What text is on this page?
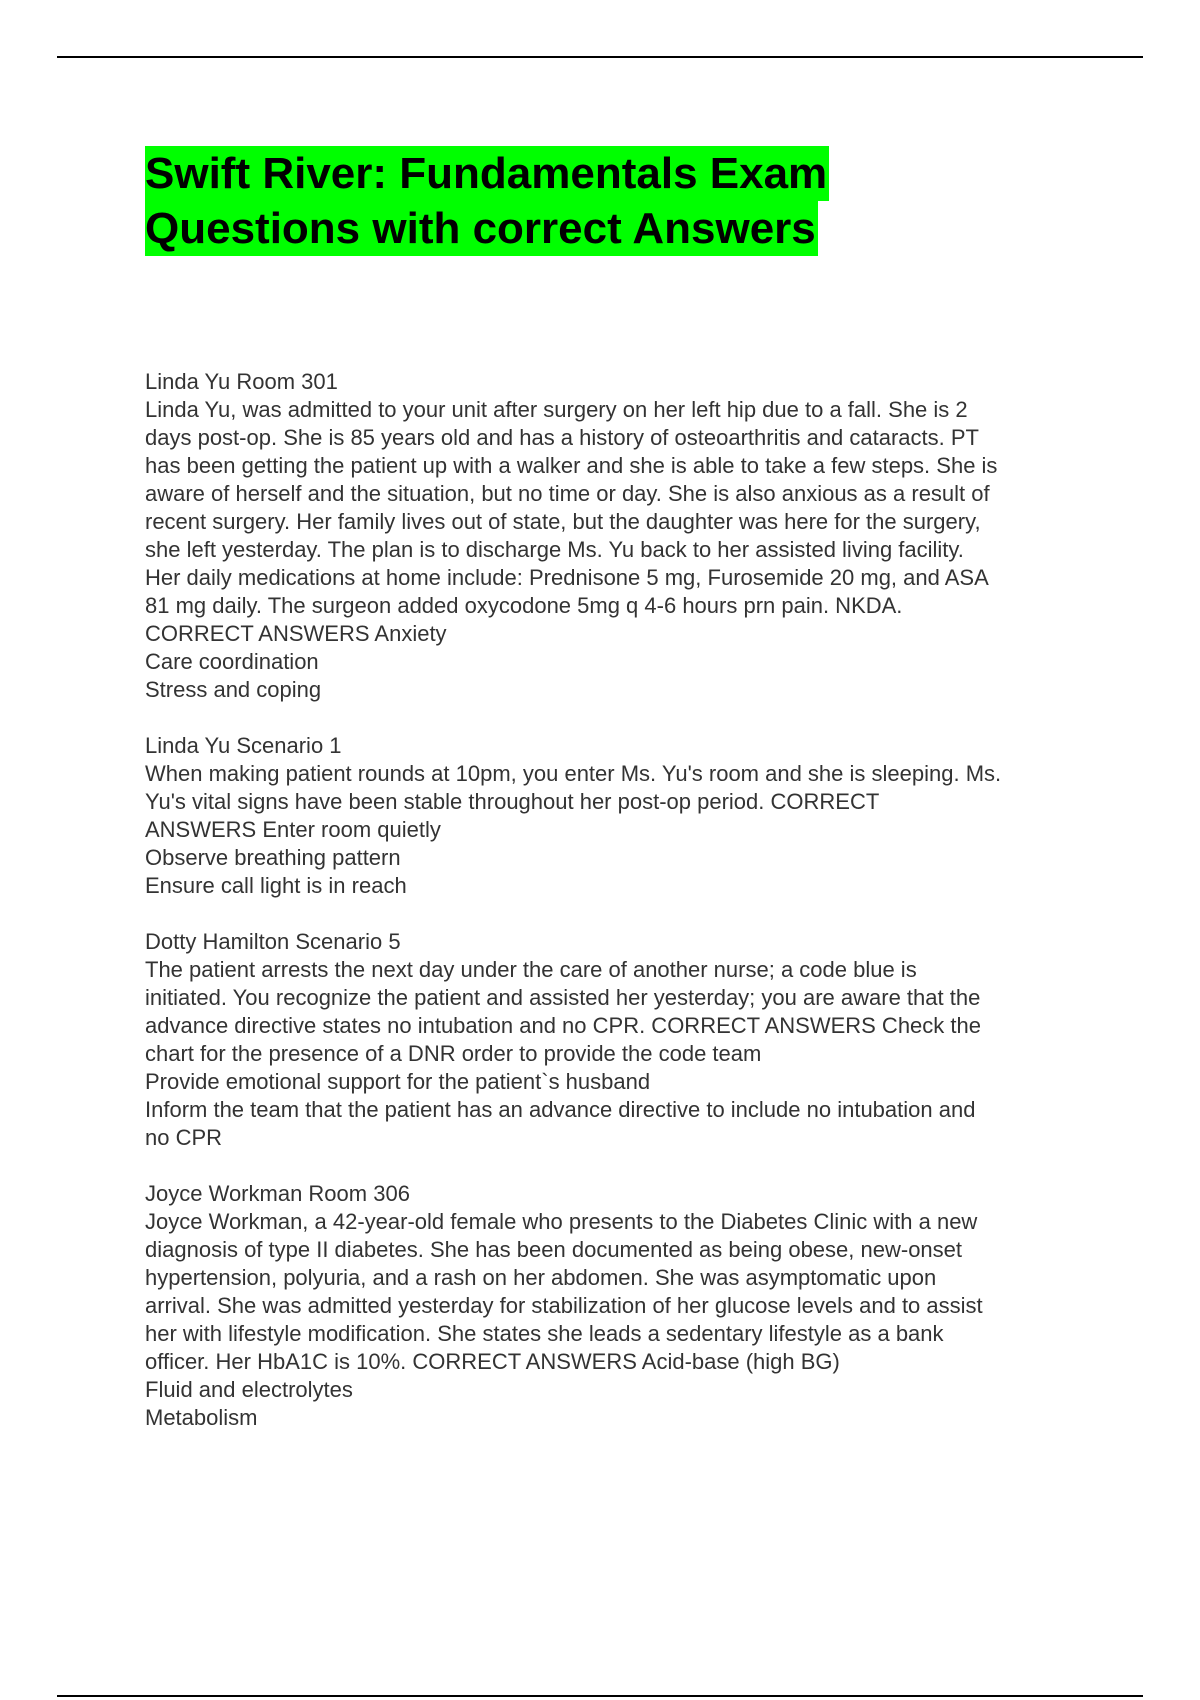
Swift River: Fundamentals Exam
Questions with correct Answers
Linda Yu Room 301
Linda Yu, was admitted to your unit after surgery on her left hip due to a fall. She is 2
days post-op. She is 85 years old and has a history of osteoarthritis and cataracts. PT
has been getting the patient up with a walker and she is able to take a few steps. She is
aware of herself and the situation, but no time or day. She is also anxious as a result of
recent surgery. Her family lives out of state, but the daughter was here for the surgery,
she left yesterday. The plan is to discharge Ms. Yu back to her assisted living facility.
Her daily medications at home include: Prednisone 5 mg, Furosemide 20 mg, and ASA
81 mg daily. The surgeon added oxycodone 5mg q 4-6 hours prn pain. NKDA.
CORRECT ANSWERS Anxiety
Care coordination
Stress and coping
Linda Yu Scenario 1
When making patient rounds at 10pm, you enter Ms. Yu's room and she is sleeping. Ms.
Yu's vital signs have been stable throughout her post-op period. CORRECT
ANSWERS Enter room quietly
Observe breathing pattern
Ensure call light is in reach
Dotty Hamilton Scenario 5
The patient arrests the next day under the care of another nurse; a code blue is
initiated. You recognize the patient and assisted her yesterday; you are aware that the
advance directive states no intubation and no CPR. CORRECT ANSWERS Check the
chart for the presence of a DNR order to provide the code team
Provide emotional support for the patient`s husband
Inform the team that the patient has an advance directive to include no intubation and
no CPR
Joyce Workman Room 306
Joyce Workman, a 42-year-old female who presents to the Diabetes Clinic with a new
diagnosis of type II diabetes. She has been documented as being obese, new-onset
hypertension, polyuria, and a rash on her abdomen. She was asymptomatic upon
arrival. She was admitted yesterday for stabilization of her glucose levels and to assist
her with lifestyle modification. She states she leads a sedentary lifestyle as a bank
officer. Her HbA1C is 10%. CORRECT ANSWERS Acid-base (high BG)
Fluid and electrolytes
Metabolism
